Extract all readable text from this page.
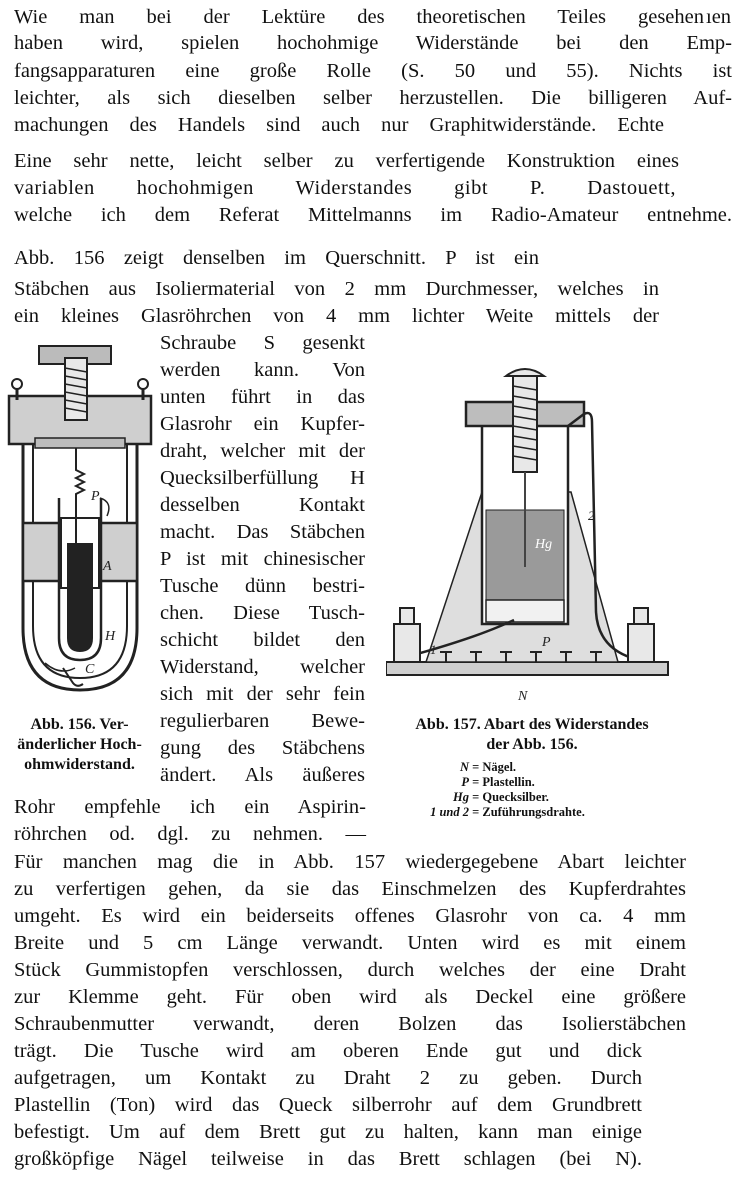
Wie man bei der Lektüre des theoretischen Teiles gesehen ıen
haben wird, spielen hochohmige Widerstände bei den Emp-
fangsapparaturen eine große Rolle (S. 50 und 55). Nichts ist
leichter, als sich dieselben selber herzustellen. Die billigeren Auf-
machungen des Handels sind auch nur Graphitwiderstände. Echte
Eine sehr nette, leicht selber zu verfertigende Konstruktion eines
variablen hochohmigen Widerstandes gibt P. Dastouett,
welche ich dem Referat Mittelmanns im Radio-Amateur entnehme.
Abb. 156 zeigt denselben im Querschnitt. P ist ein
Stäbchen aus Isoliermaterial von 2 mm Durchmesser, welches in
ein kleines Glasröhrchen von 4 mm lichter Weite mittels der
Schraube S gesenkt
werden kann. Von
unten führt in das
Glasrohr ein Kupfer-
draht, welcher mit der
Quecksilberfüllung H
desselben Kontakt
macht. Das Stäbchen
P ist mit chinesischer
Tusche dünn bestri-
chen. Diese Tusch-
schicht bildet den
Widerstand, welcher
sich mit der sehr fein
regulierbaren Bewe-
gung des Stäbchens
ändert. Als äußeres
Rohr empfehle ich ein Aspirin-
röhrchen od. dgl. zu nehmen. —
P
A
H
C
Abb. 156. Ver-
änderlicher Hoch-
ohmwiderstand.
Hg
P
N
1
2
Abb. 157. Abart des Widerstandes
der Abb. 156.
N = Nägel.
P = Plastellin.
Hg = Quecksilber.
1 und 2 = Zuführungsdrahte.
Für manchen mag die in Abb. 157 wiedergegebene Abart leichter
zu verfertigen gehen, da sie das Einschmelzen des Kupferdrahtes
umgeht. Es wird ein beiderseits offenes Glasrohr von ca. 4 mm
Breite und 5 cm Länge verwandt. Unten wird es mit einem
Stück Gummistopfen verschlossen, durch welches der eine Draht
zur Klemme geht. Für oben wird als Deckel eine größere
Schraubenmutter verwandt, deren Bolzen das Isolierstäbchen
trägt. Die Tusche wird am oberen Ende gut und dick
aufgetragen, um Kontakt zu Draht 2 zu geben. Durch
Plastellin (Ton) wird das Queck silberrohr auf dem Grundbrett
befestigt. Um auf dem Brett gut zu halten, kann man einige
großköpfige Nägel teilweise in das Brett schlagen (bei N).
